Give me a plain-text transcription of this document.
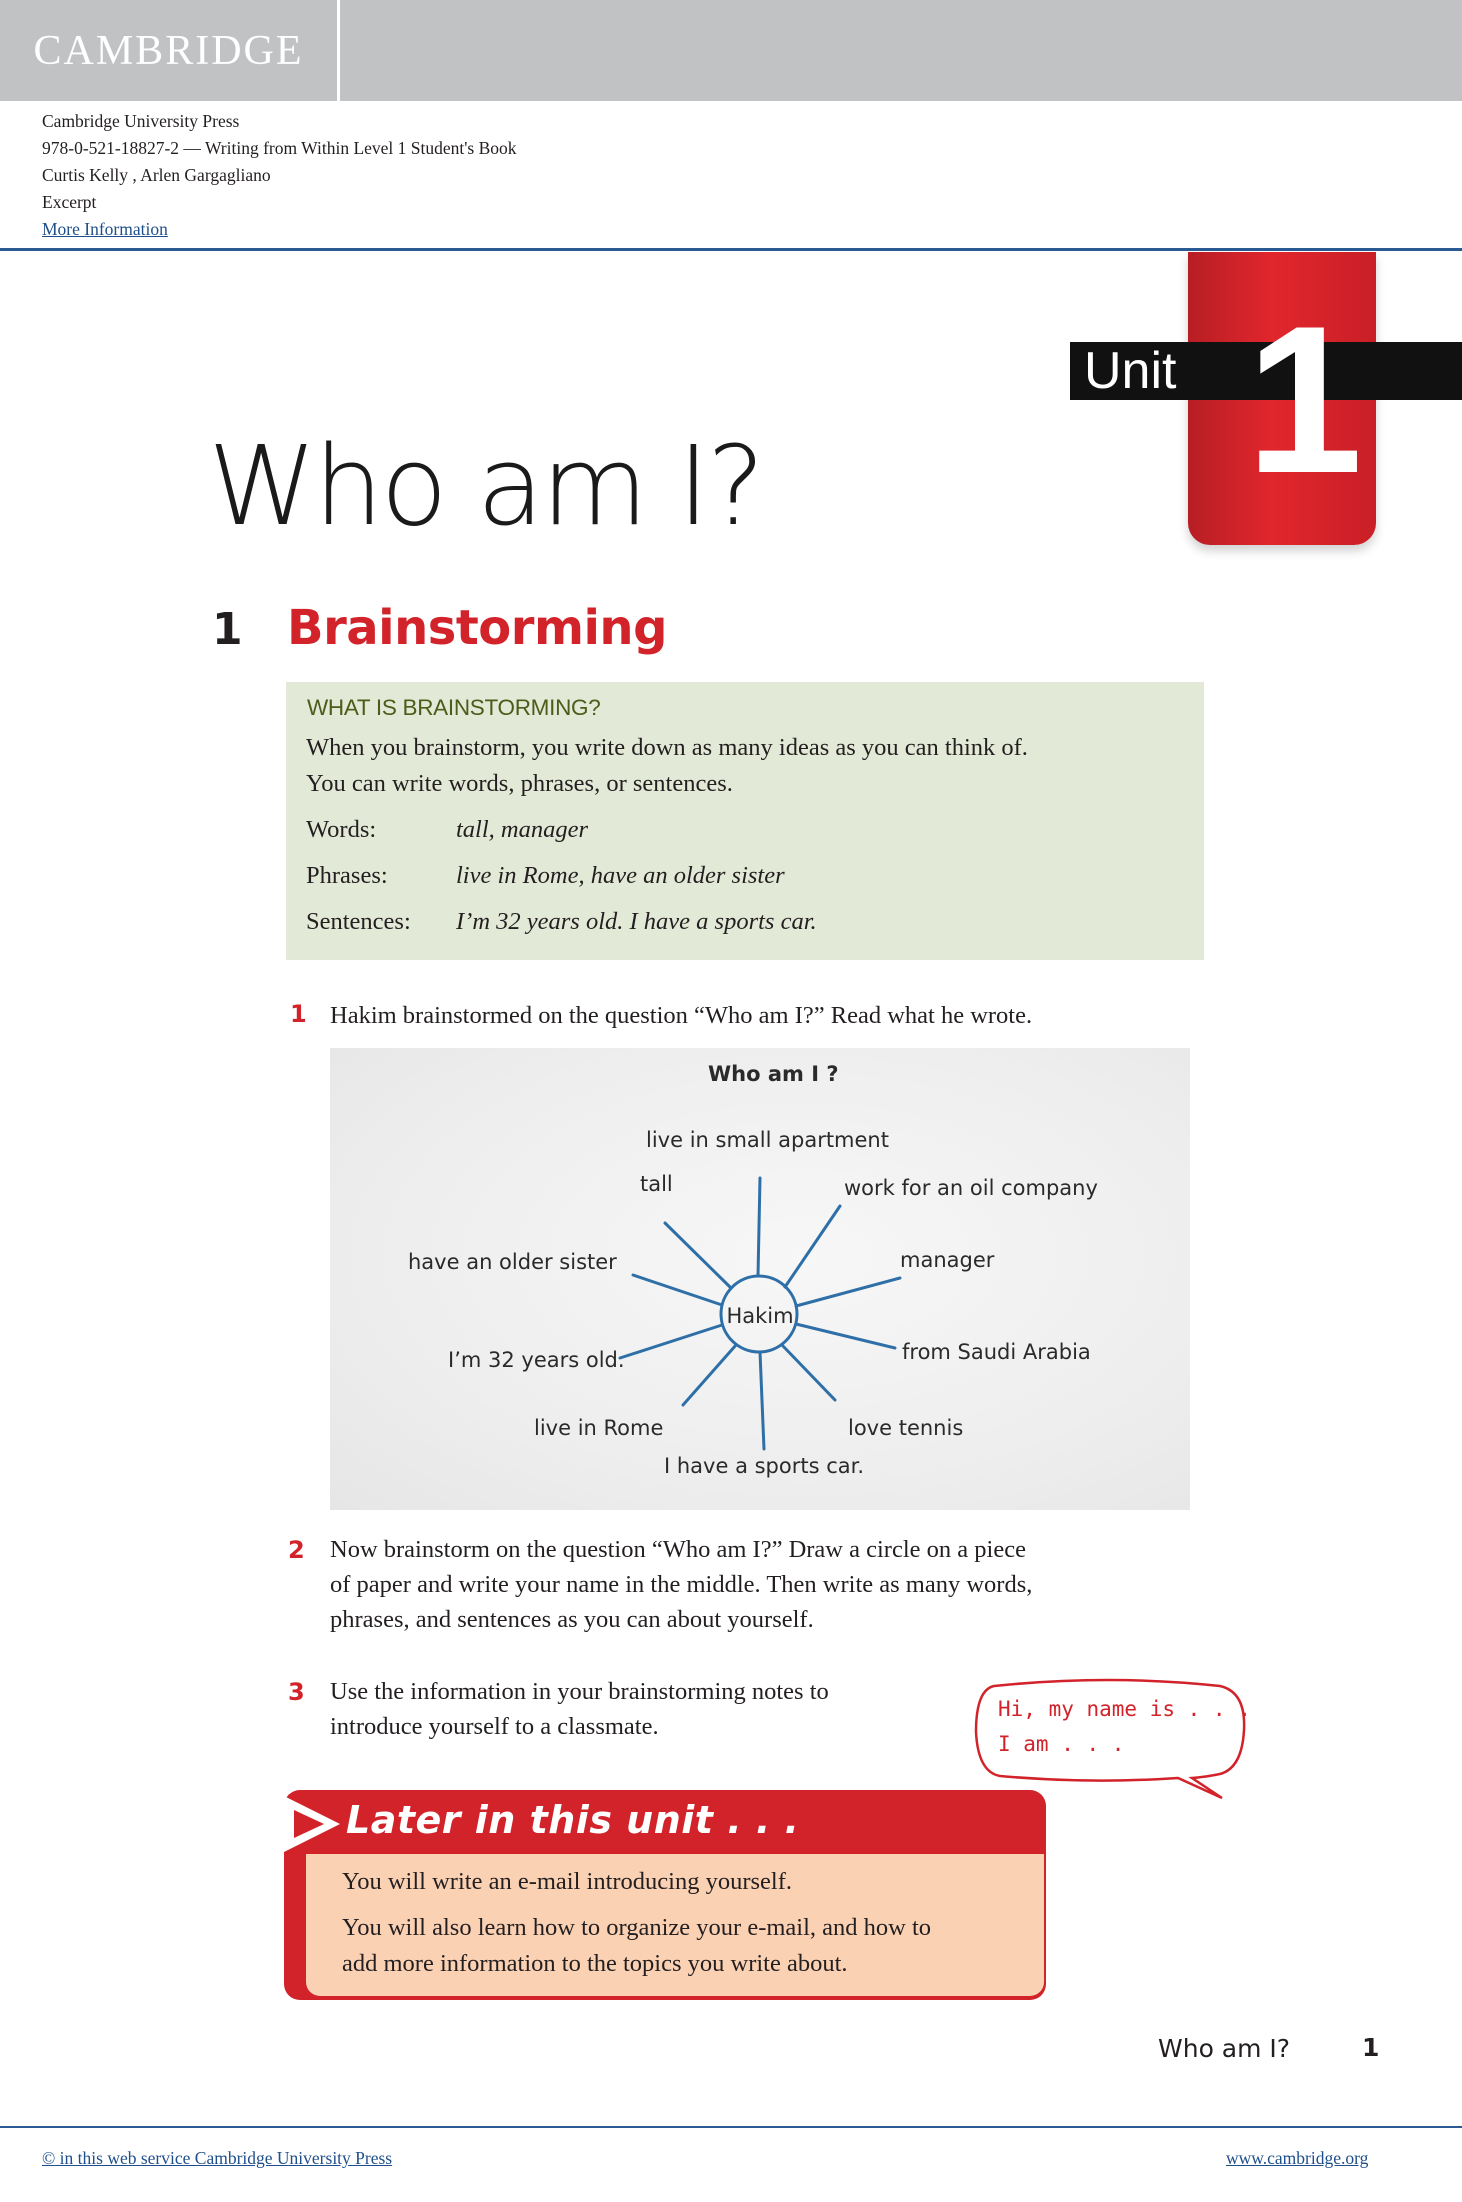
CAMBRIDGE
Cambridge University Press
978-0-521-18827-2 — Writing from Within Level 1 Student's Book
Curtis Kelly , Arlen Gargagliano
Excerpt
More Information
Unit 1
Who am I?
1 Brainstorming
WHAT IS BRAINSTORMING?
When you brainstorm, you write down as many ideas as you can think of.
You can write words, phrases, or sentences.
Words:	tall, manager
Phrases:	live in Rome, have an older sister
Sentences: I’m 32 years old. I have a sports car.
1 Hakim brainstormed on the question “Who am I?” Read what he wrote.
Who am I ?
Hakim
live in small apartment
tall	work for an oil company
have an older sister	manager
I’m 32 years old.	from Saudi Arabia
live in Rome	love tennis
I have a sports car.
2 Now brainstorm on the question “Who am I?” Draw a circle on a piece
of paper and write your name in the middle. Then write as many words,
phrases, and sentences as you can about yourself.
3 Use the information in your brainstorming notes to
introduce yourself to a classmate.
Hi, my name is . . .
I am . . .
Later in this unit . . .
You will write an e-mail introducing yourself.
You will also learn how to organize your e-mail, and how to
add more information to the topics you write about.
Who am I?	1
© in this web service Cambridge University Press	www.cambridge.org
